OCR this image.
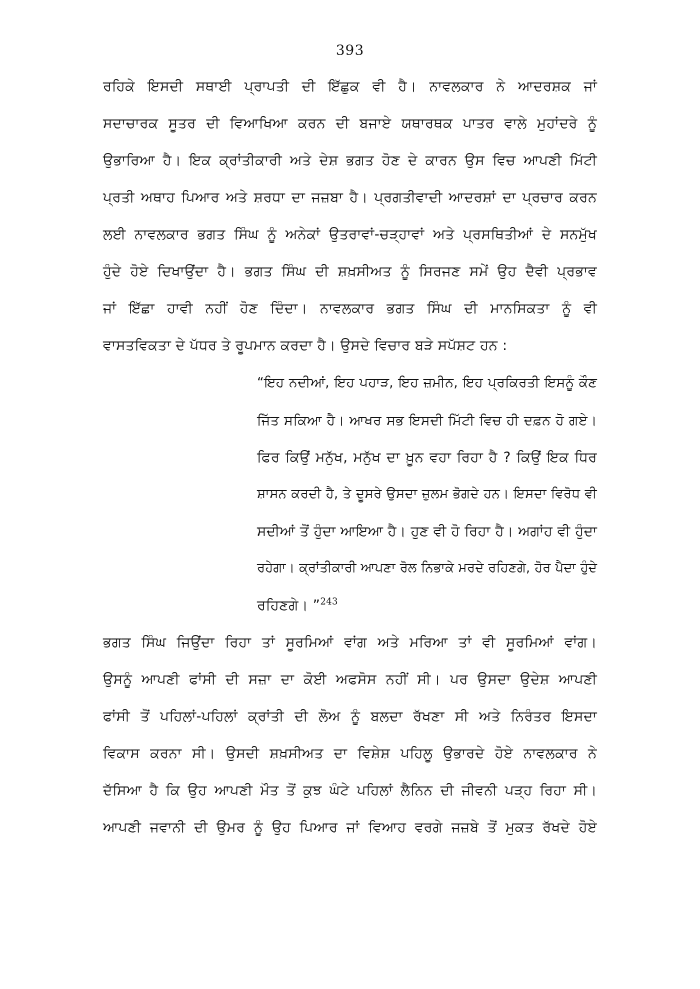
393
ਰਹਿਕੇ ਇਸਦੀ ਸਥਾਈ ਪ੍ਰਾਪਤੀ ਦੀ ਇੱਛੁਕ ਵੀ ਹੈ। ਨਾਵਲਕਾਰ ਨੇ ਆਦਰਸ਼ਕ ਜਾਂ
ਸਦਾਚਾਰਕ ਸੂਤਰ ਦੀ ਵਿਆਖਿਆ ਕਰਨ ਦੀ ਬਜਾਏ ਯਥਾਰਥਕ ਪਾਤਰ ਵਾਲੇ ਮੁਹਾਂਦਰੇ ਨੂੰ
ਉਭਾਰਿਆ ਹੈ। ਇਕ ਕ੍ਰਾਂਤੀਕਾਰੀ ਅਤੇ ਦੇਸ਼ ਭਗਤ ਹੋਣ ਦੇ ਕਾਰਨ ਉਸ ਵਿਚ ਆਪਣੀ ਮਿੱਟੀ
ਪ੍ਰਤੀ ਅਥਾਹ ਪਿਆਰ ਅਤੇ ਸ਼ਰਧਾ ਦਾ ਜਜ਼ਬਾ ਹੈ। ਪ੍ਰਗਤੀਵਾਦੀ ਆਦਰਸ਼ਾਂ ਦਾ ਪ੍ਰਚਾਰ ਕਰਨ
ਲਈ ਨਾਵਲਕਾਰ ਭਗਤ ਸਿੰਘ ਨੂੰ ਅਨੇਕਾਂ ਉਤਰਾਵਾਂ-ਚੜ੍ਹਾਵਾਂ ਅਤੇ ਪ੍ਰਸਥਿਤੀਆਂ ਦੇ ਸਨਮੁੱਖ
ਹੁੰਦੇ ਹੋਏ ਦਿਖਾਉਂਦਾ ਹੈ। ਭਗਤ ਸਿੰਘ ਦੀ ਸ਼ਖ਼ਸੀਅਤ ਨੂੰ ਸਿਰਜਣ ਸਮੇਂ ਉਹ ਦੈਵੀ ਪ੍ਰਭਾਵ
ਜਾਂ ਇੱਛਾ ਹਾਵੀ ਨਹੀਂ ਹੋਣ ਦਿੰਦਾ। ਨਾਵਲਕਾਰ ਭਗਤ ਸਿੰਘ ਦੀ ਮਾਨਸਿਕਤਾ ਨੂੰ ਵੀ
ਵਾਸਤਵਿਕਤਾ ਦੇ ਪੱਧਰ ਤੇ ਰੂਪਮਾਨ ਕਰਦਾ ਹੈ। ਉਸਦੇ ਵਿਚਾਰ ਬੜੇ ਸਪੱਸ਼ਟ ਹਨ :
“ਇਹ ਨਦੀਆਂ, ਇਹ ਪਹਾੜ, ਇਹ ਜ਼ਮੀਨ, ਇਹ ਪ੍ਰਕਿਰਤੀ ਇਸਨੂੰ ਕੌਣ
ਜਿੱਤ ਸਕਿਆ ਹੈ। ਆਖਰ ਸਭ ਇਸਦੀ ਮਿੱਟੀ ਵਿਚ ਹੀ ਦਫ਼ਨ ਹੋ ਗਏ।
ਫਿਰ ਕਿਉਂ ਮਨੁੱਖ, ਮਨੁੱਖ ਦਾ ਖ਼ੂਨ ਵਹਾ ਰਿਹਾ ਹੈ ? ਕਿਉਂ ਇਕ ਧਿਰ
ਸ਼ਾਸਨ ਕਰਦੀ ਹੈ, ਤੇ ਦੂਸਰੇ ਉਸਦਾ ਜ਼ੁਲਮ ਭੋਗਦੇ ਹਨ। ਇਸਦਾ ਵਿਰੋਧ ਵੀ
ਸਦੀਆਂ ਤੋਂ ਹੁੰਦਾ ਆਇਆ ਹੈ। ਹੁਣ ਵੀ ਹੋ ਰਿਹਾ ਹੈ। ਅਗਾਂਹ ਵੀ ਹੁੰਦਾ
ਰਹੇਗਾ। ਕ੍ਰਾਂਤੀਕਾਰੀ ਆਪਣਾ ਰੋਲ ਨਿਭਾਕੇ ਮਰਦੇ ਰਹਿਣਗੇ, ਹੋਰ ਪੈਦਾ ਹੁੰਦੇ
ਰਹਿਣਗੇ। ”$^{243}$
ਭਗਤ ਸਿੰਘ ਜਿਉਂਦਾ ਰਿਹਾ ਤਾਂ ਸੂਰਮਿਆਂ ਵਾਂਗ ਅਤੇ ਮਰਿਆ ਤਾਂ ਵੀ ਸੂਰਮਿਆਂ ਵਾਂਗ।
ਉਸਨੂੰ ਆਪਣੀ ਫਾਂਸੀ ਦੀ ਸਜ਼ਾ ਦਾ ਕੋਈ ਅਫਸੋਸ ਨਹੀਂ ਸੀ। ਪਰ ਉਸਦਾ ਉਦੇਸ਼ ਆਪਣੀ
ਫਾਂਸੀ ਤੋਂ ਪਹਿਲਾਂ-ਪਹਿਲਾਂ ਕ੍ਰਾਂਤੀ ਦੀ ਲੋਅ ਨੂੰ ਬਲਦਾ ਰੱਖਣਾ ਸੀ ਅਤੇ ਨਿਰੰਤਰ ਇਸਦਾ
ਵਿਕਾਸ ਕਰਨਾ ਸੀ। ਉਸਦੀ ਸ਼ਖ਼ਸੀਅਤ ਦਾ ਵਿਸ਼ੇਸ਼ ਪਹਿਲੂ ਉਭਾਰਦੇ ਹੋਏ ਨਾਵਲਕਾਰ ਨੇ
ਦੱਸਿਆ ਹੈ ਕਿ ਉਹ ਆਪਣੀ ਮੌਤ ਤੋਂ ਕੁਝ ਘੰਟੇ ਪਹਿਲਾਂ ਲੈਨਿਨ ਦੀ ਜੀਵਨੀ ਪੜ੍ਹ ਰਿਹਾ ਸੀ।
ਆਪਣੀ ਜਵਾਨੀ ਦੀ ਉਮਰ ਨੂੰ ਉਹ ਪਿਆਰ ਜਾਂ ਵਿਆਹ ਵਰਗੇ ਜਜ਼ਬੇ ਤੋਂ ਮੁਕਤ ਰੱਖਦੇ ਹੋਏ
